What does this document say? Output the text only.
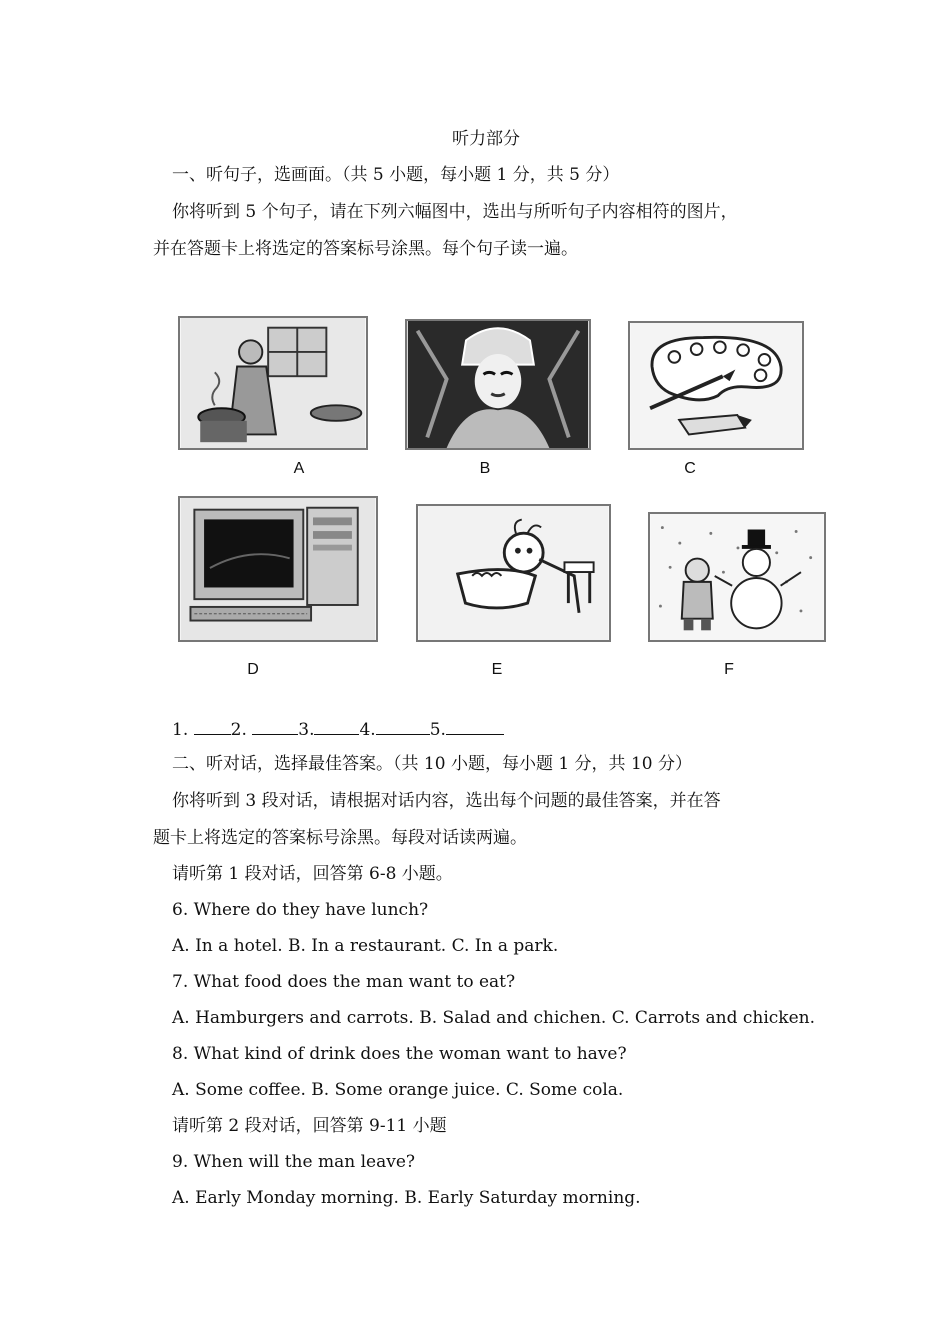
听力部分
一、听句子，选画面。（共 5 小题，每小题 1 分，共 5 分）
你将听到 5 个句子，请在下列六幅图中，选出与所听句子内容相符的图片，
并在答题卡上将选定的答案标号涂黑。每个句子读一遍。
A	B	C
D	E	F
1. 2.	3.	4.	5.
二、听对话，选择最佳答案。（共 10 小题，每小题 1 分，共 10 分）
你将听到 3 段对话，请根据对话内容，选出每个问题的最佳答案，并在答
题卡上将选定的答案标号涂黑。每段对话读两遍。
请听第 1 段对话，回答第 6-8 小题。
6. Where do they have lunch?
A. In a hotel. B. In a restaurant. C. In a park.
7. What food does the man want to eat?
A. Hamburgers and carrots. B. Salad and chichen. C. Carrots and chicken.
8. What kind of drink does the woman want to have?
A. Some coffee. B. Some orange juice. C. Some cola.
请听第 2 段对话，回答第 9-11 小题
9. When will the man leave?
A. Early Monday morning. B. Early Saturday morning.
